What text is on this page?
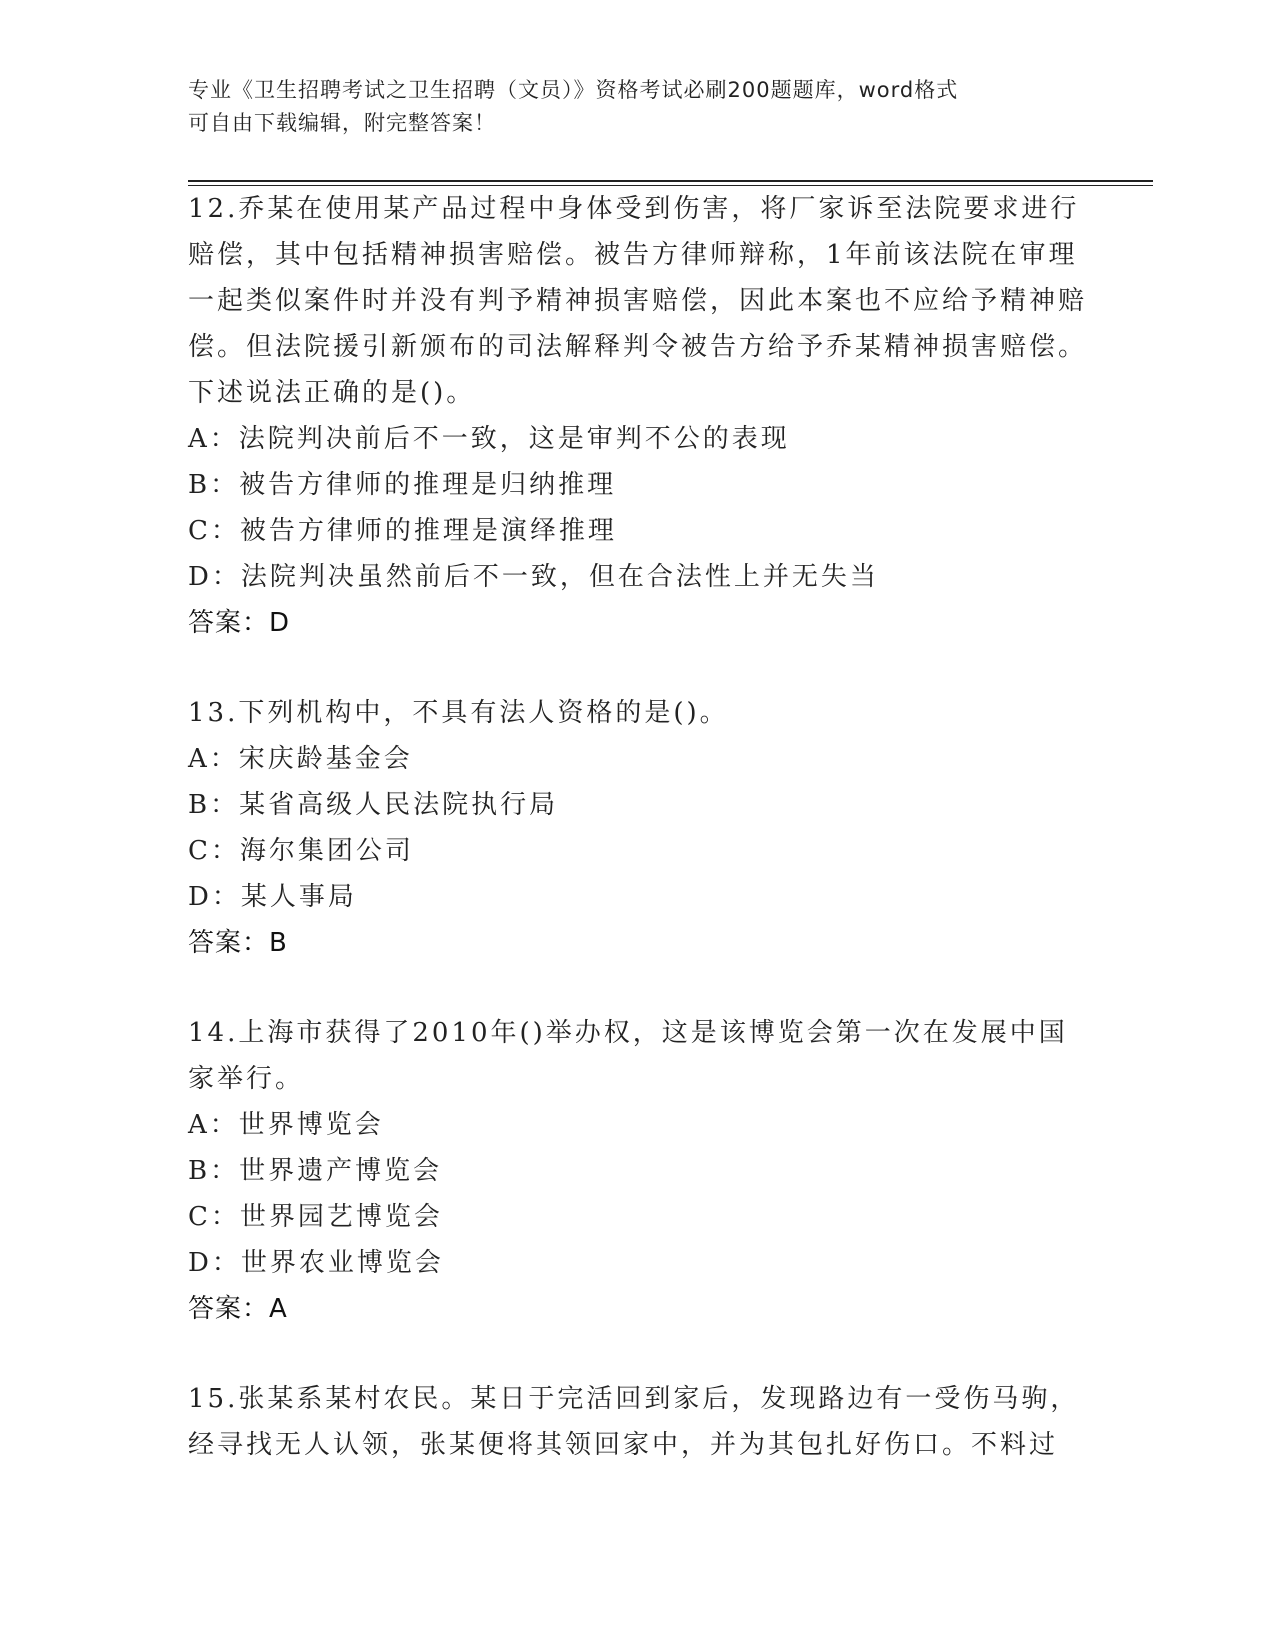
专业《卫生招聘考试之卫生招聘（文员）》资格考试必刷200题题库，word格式
可自由下载编辑，附完整答案！
12.乔某在使用某产品过程中身体受到伤害，将厂家诉至法院要求进行赔偿，其中包括精神损害赔偿。被告方律师辩称，1年前该法院在审理一起类似案件时并没有判予精神损害赔偿，因此本案也不应给予精神赔偿。但法院援引新颁布的司法解释判令被告方给予乔某精神损害赔偿。下述说法正确的是()。
A：法院判决前后不一致，这是审判不公的表现
B：被告方律师的推理是归纳推理
C：被告方律师的推理是演绎推理
D：法院判决虽然前后不一致，但在合法性上并无失当
答案：D
13.下列机构中，不具有法人资格的是()。
A：宋庆龄基金会
B：某省高级人民法院执行局
C：海尔集团公司
D：某人事局
答案：B
14.上海市获得了2010年()举办权，这是该博览会第一次在发展中国家举行。
A：世界博览会
B：世界遗产博览会
C：世界园艺博览会
D：世界农业博览会
答案：A
15.张某系某村农民。某日于完活回到家后，发现路边有一受伤马驹，经寻找无人认领，张某便将其领回家中，并为其包扎好伤口。不料过
